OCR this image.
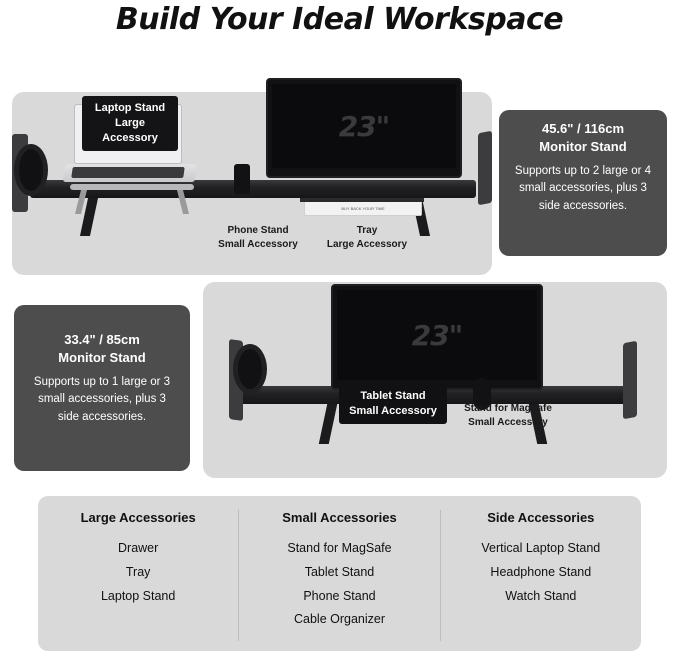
Build Your Ideal Workspace
Laptop Stand
Large Accessory	23"
BUY BACK YOUR TIME
Phone Stand
Small Accessory
Tray
Large Accessory
45.6" / 116cm
Monitor Stand
Supports up to 2 large or 4 small accessories, plus 3 side accessories.
33.4" / 85cm
Monitor Stand
Supports up to 1 large or 3 small accessories, plus 3 side accessories.
23"
Tablet Stand
Small Accessory	Stand for MagSafe
Small Accessory
Large Accessories
Drawer
Tray
Laptop Stand
Small Accessories
Stand for MagSafe
Tablet Stand
Phone Stand
Cable Organizer
Side Accessories
Vertical Laptop Stand
Headphone Stand
Watch Stand
